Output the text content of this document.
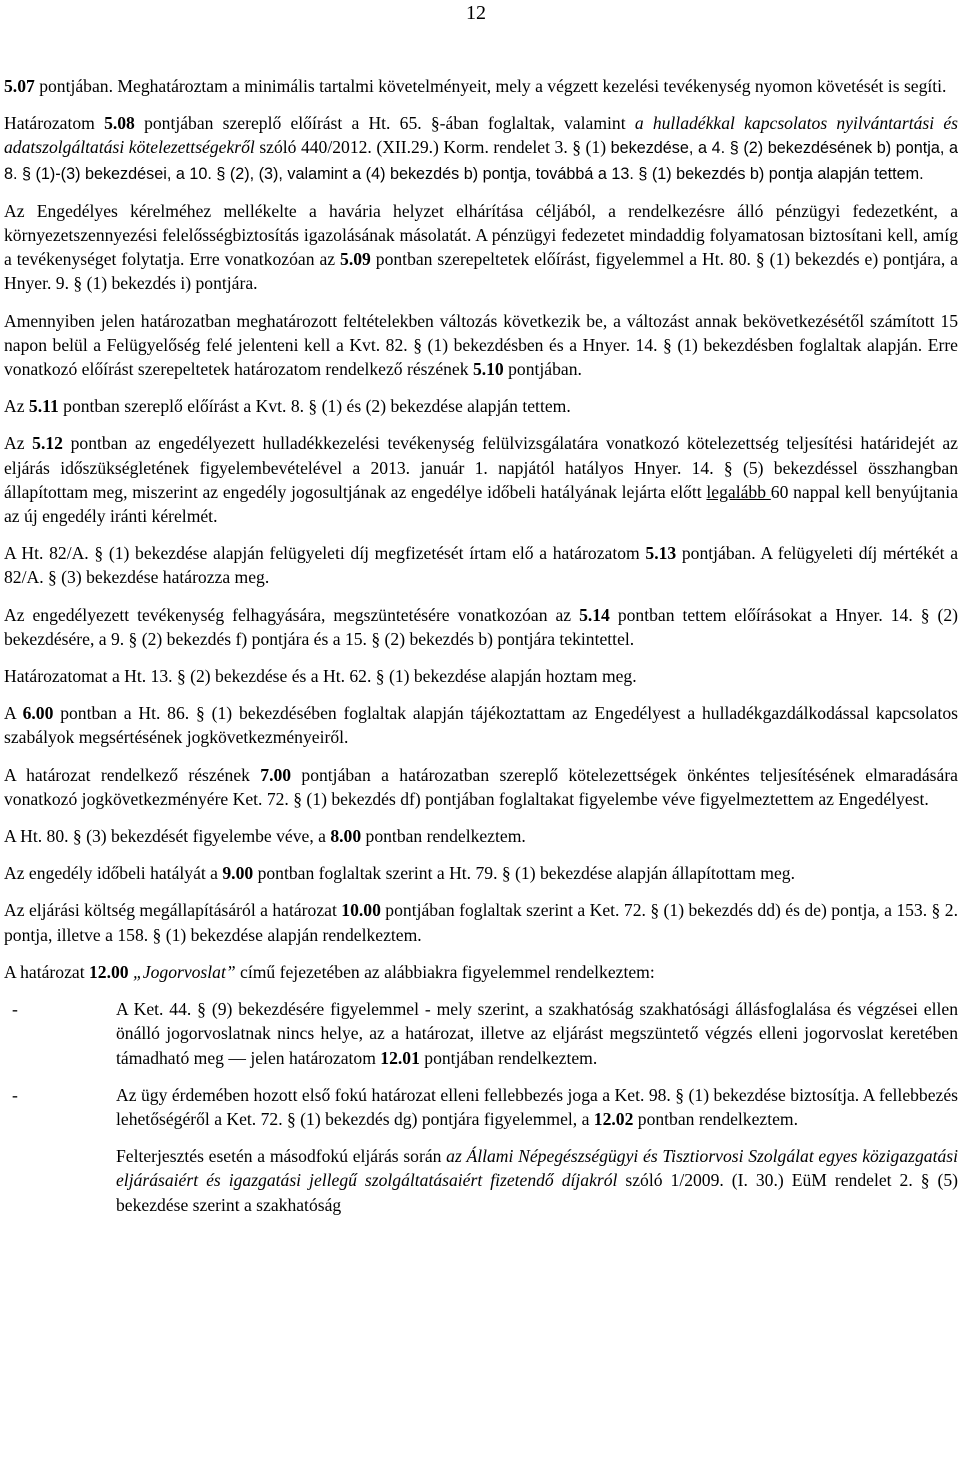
12

5.07 pontjában. Meghatároztam a minimális tartalmi követelményeit, mely a végzett kezelési tevékenység nyomon követését is segíti.

Határozatom 5.08 pontjában szereplő előírást a Ht. 65. §-ában foglaltak, valamint a hulladékkal kapcsolatos nyilvántartási és adatszolgáltatási kötelezettségekről szóló 440/2012. (XII.29.) Korm. rendelet 3. § (1) bekezdése, a 4. § (2) bekezdésének b) pontja, a 8. § (1)-(3) bekezdései, a 10. § (2), (3), valamint a (4) bekezdés b) pontja, továbbá a 13. § (1) bekezdés b) pontja alapján tettem.

Az Engedélyes kérelméhez mellékelte a havária helyzet elhárítása céljából, a rendelkezésre álló pénzügyi fedezetként, a környezetszennyezési felelősségbiztosítás igazolásának másolatát. A pénzügyi fedezetet mindaddig folyamatosan biztosítani kell, amíg a tevékenységet folytatja. Erre vonatkozóan az 5.09 pontban szerepeltetek előírást, figyelemmel a Ht. 80. § (1) bekezdés e) pontjára, a Hnyer. 9. § (1) bekezdés i) pontjára.

Amennyiben jelen határozatban meghatározott feltételekben változás következik be, a változást annak bekövetkezésétől számított 15 napon belül a Felügyelőség felé jelenteni kell a Kvt. 82. § (1) bekezdésben és a Hnyer. 14. § (1) bekezdésben foglaltak alapján. Erre vonatkozó előírást szerepeltetek határozatom rendelkező részének 5.10 pontjában.

Az 5.11 pontban szereplő előírást a Kvt. 8. § (1) és (2) bekezdése alapján tettem.

Az 5.12 pontban az engedélyezett hulladékkezelési tevékenység felülvizsgálatára vonatkozó kötelezettség teljesítési határidejét az eljárás időszükségletének figyelembevételével a 2013. január 1. napjától hatályos Hnyer. 14. § (5) bekezdéssel összhangban állapítottam meg, miszerint az engedély jogosultjának az engedélye időbeli hatályának lejárta előtt legalább 60 nappal kell benyújtania az új engedély iránti kérelmét.

A Ht. 82/A. § (1) bekezdése alapján felügyeleti díj megfizetését írtam elő a határozatom 5.13 pontjában. A felügyeleti díj mértékét a 82/A. § (3) bekezdése határozza meg.

Az engedélyezett tevékenység felhagyására, megszüntetésére vonatkozóan az 5.14 pontban tettem előírásokat a Hnyer. 14. § (2) bekezdésére, a 9. § (2) bekezdés f) pontjára és a 15. § (2) bekezdés b) pontjára tekintettel.

Határozatomat a Ht. 13. § (2) bekezdése és a Ht. 62. § (1) bekezdése alapján hoztam meg.

A 6.00 pontban a Ht. 86. § (1) bekezdésében foglaltak alapján tájékoztattam az Engedélyest a hulladékgazdálkodással kapcsolatos szabályok megsértésének jogkövetkezményeiről.

A határozat rendelkező részének 7.00 pontjában a határozatban szereplő kötelezettségek önkéntes teljesítésének elmaradására vonatkozó jogkövetkezményére Ket. 72. § (1) bekezdés df) pontjában foglaltakat figyelembe véve figyelmeztettem az Engedélyest.

A Ht. 80. § (3) bekezdését figyelembe véve, a 8.00 pontban rendelkeztem.

Az engedély időbeli hatályát a 9.00 pontban foglaltak szerint a Ht. 79. § (1) bekezdése alapján állapítottam meg.

Az eljárási költség megállapításáról a határozat 10.00 pontjában foglaltak szerint a Ket. 72. § (1) bekezdés dd) és de) pontja, a 153. § 2. pontja, illetve a 158. § (1) bekezdése alapján rendelkeztem.

A határozat 12.00 „Jogorvoslat” című fejezetében az alábbiakra figyelemmel rendelkeztem:

-	A Ket. 44. § (9) bekezdésére figyelemmel - mely szerint, a szakhatóság szakhatósági állásfoglalása és végzései ellen önálló jogorvoslatnak nincs helye, az a határozat, illetve az eljárást megszüntető végzés elleni jogorvoslat keretében támadható meg — jelen határozatom 12.01 pontjában rendelkeztem.
-	Az ügy érdemében hozott első fokú határozat elleni fellebbezés joga a Ket. 98. § (1) bekezdése biztosítja. A fellebbezés lehetőségéről a Ket. 72. § (1) bekezdés dg) pontjára figyelemmel, a 12.02 pontban rendelkeztem.

Felterjesztés esetén a másodfokú eljárás során az Állami Népegészségügyi és Tisztiorvosi Szolgálat egyes közigazgatási eljárásaiért és igazgatási jellegű szolgáltatásaiért fizetendő díjakról szóló 1/2009. (I. 30.) EüM rendelet 2. § (5) bekezdése szerint a szakhatóság
